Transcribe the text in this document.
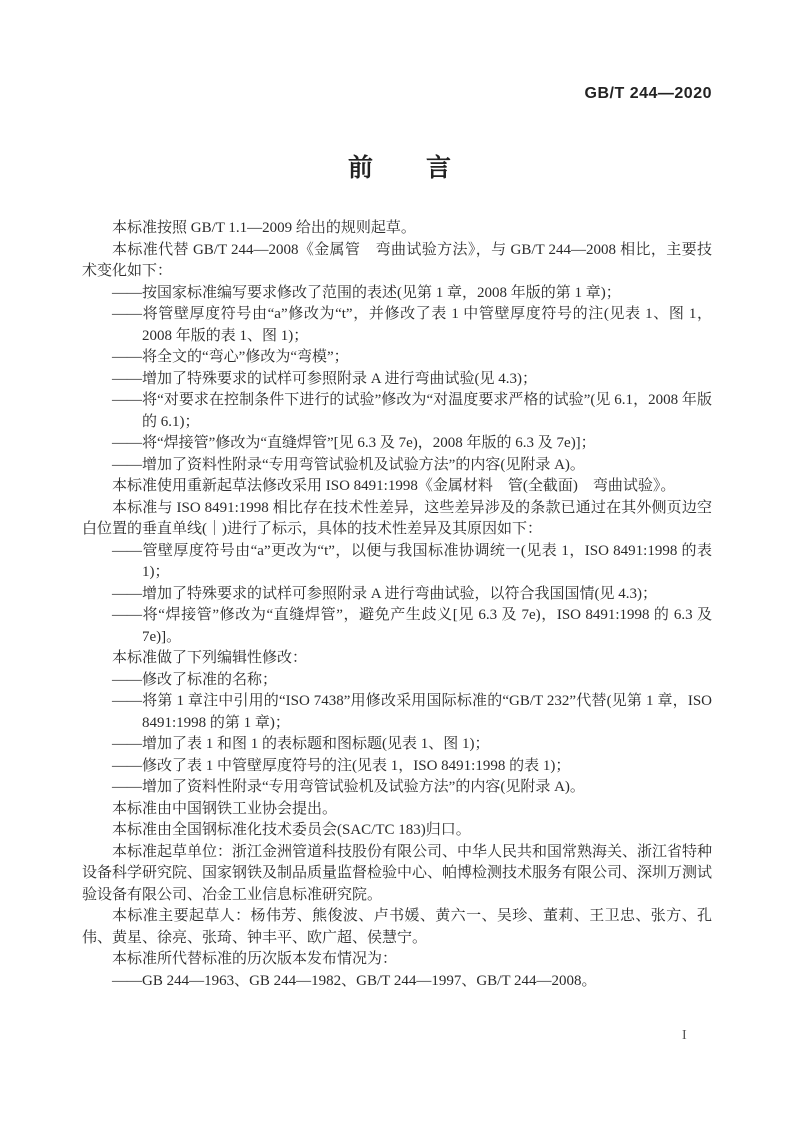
GB/T 244—2020
前　　言

本标准按照 GB/T 1.1—2009 给出的规则起草。

本标准代替 GB/T 244—2008《金属管　弯曲试验方法》，与 GB/T 244—2008 相比，主要技术变化如下：

——按国家标准编写要求修改了范围的表述(见第 1 章，2008 年版的第 1 章)；

——将管壁厚度符号由“a”修改为“t”，并修改了表 1 中管壁厚度符号的注(见表 1、图 1，2008 年版的表 1、图 1)；

——将全文的“弯心”修改为“弯模”；

——增加了特殊要求的试样可参照附录 A 进行弯曲试验(见 4.3)；

——将“对要求在控制条件下进行的试验”修改为“对温度要求严格的试验”(见 6.1，2008 年版的 6.1)；

——将“焊接管”修改为“直缝焊管”[见 6.3 及 7e)，2008 年版的 6.3 及 7e)]；

——增加了资料性附录“专用弯管试验机及试验方法”的内容(见附录 A)。

本标准使用重新起草法修改采用 ISO 8491:1998《金属材料　管(全截面)　弯曲试验》。

本标准与 ISO 8491:1998 相比存在技术性差异，这些差异涉及的条款已通过在其外侧页边空白位置的垂直单线(｜)进行了标示，具体的技术性差异及其原因如下：

——管壁厚度符号由“a”更改为“t”，以便与我国标准协调统一(见表 1，ISO 8491:1998 的表 1)；

——增加了特殊要求的试样可参照附录 A 进行弯曲试验，以符合我国国情(见 4.3)；

——将“焊接管”修改为“直缝焊管”，避免产生歧义[见 6.3 及 7e)，ISO 8491:1998 的 6.3 及 7e)]。

本标准做了下列编辑性修改：

——修改了标准的名称；

——将第 1 章注中引用的“ISO 7438”用修改采用国际标准的“GB/T 232”代替(见第 1 章，ISO 8491:1998 的第 1 章)；

——增加了表 1 和图 1 的表标题和图标题(见表 1、图 1)；

——修改了表 1 中管壁厚度符号的注(见表 1，ISO 8491:1998 的表 1)；

——增加了资料性附录“专用弯管试验机及试验方法”的内容(见附录 A)。

本标准由中国钢铁工业协会提出。

本标准由全国钢标准化技术委员会(SAC/TC 183)归口。

本标准起草单位：浙江金洲管道科技股份有限公司、中华人民共和国常熟海关、浙江省特种设备科学研究院、国家钢铁及制品质量监督检验中心、帕博检测技术服务有限公司、深圳万测试验设备有限公司、冶金工业信息标准研究院。

本标准主要起草人：杨伟芳、熊俊波、卢书媛、黄六一、吴珍、董莉、王卫忠、张方、孔伟、黄星、徐亮、张琦、钟丰平、欧广超、侯慧宁。

本标准所代替标准的历次版本发布情况为：

——GB 244—1963、GB 244—1982、GB/T 244—1997、GB/T 244—2008。

I
